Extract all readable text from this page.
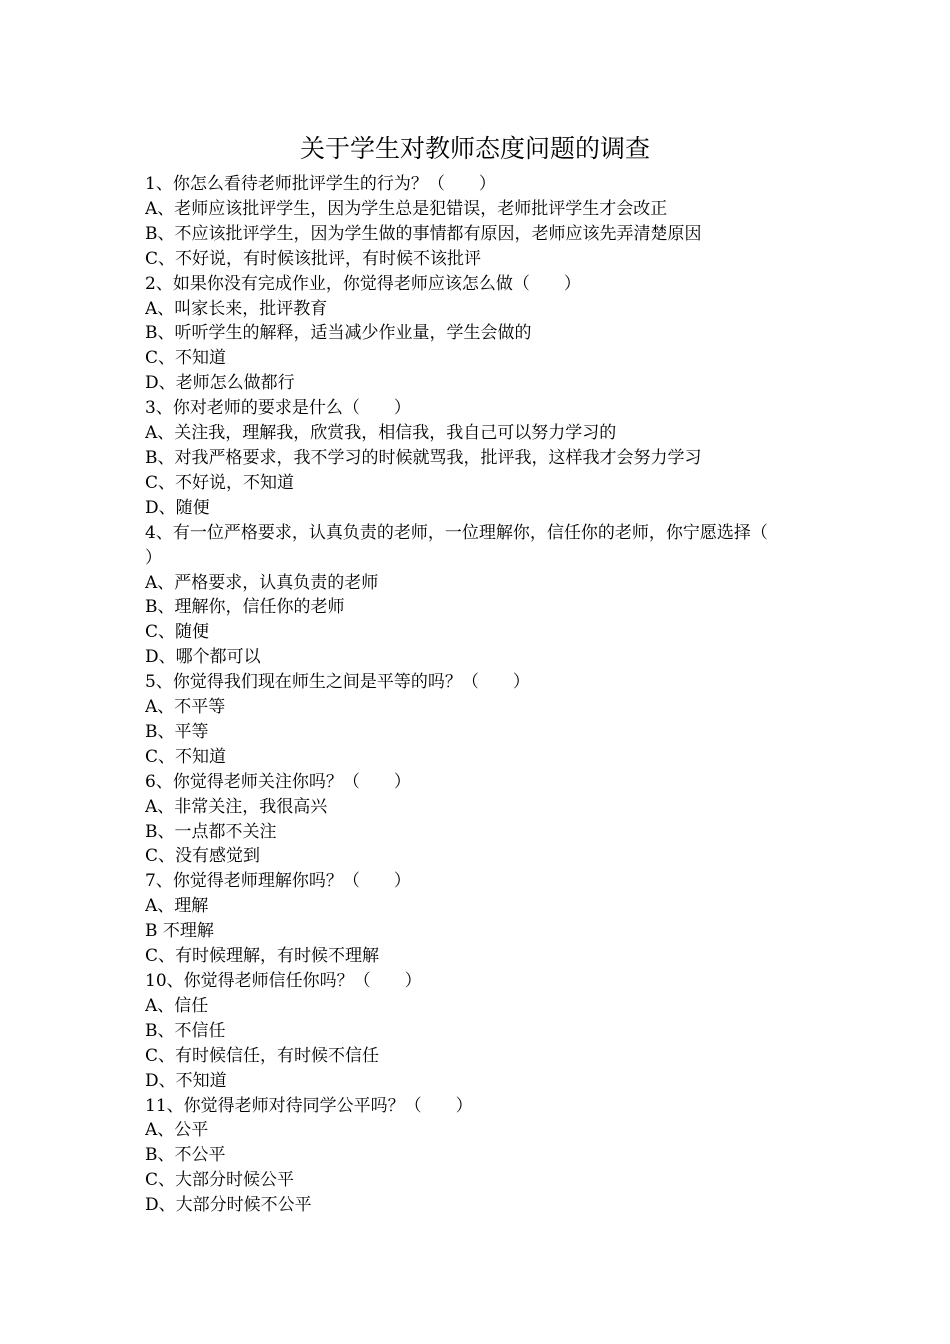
关于学生对教师态度问题的调查
1、你怎么看待老师批评学生的行为？（　　）
A、老师应该批评学生，因为学生总是犯错误，老师批评学生才会改正
B、不应该批评学生，因为学生做的事情都有原因，老师应该先弄清楚原因
C、不好说，有时候该批评，有时候不该批评
2、如果你没有完成作业，你觉得老师应该怎么做（　　）
A、叫家长来，批评教育
B、听听学生的解释，适当减少作业量，学生会做的
C、不知道
D、老师怎么做都行
3、你对老师的要求是什么（　　）
A、关注我，理解我，欣赏我，相信我，我自己可以努力学习的
B、对我严格要求，我不学习的时候就骂我，批评我，这样我才会努力学习
C、不好说，不知道
D、随便
4、有一位严格要求，认真负责的老师，一位理解你，信任你的老师，你宁愿选择（
）
A、严格要求，认真负责的老师
B、理解你，信任你的老师
C、随便
D、哪个都可以
5、你觉得我们现在师生之间是平等的吗？（　　）
A、不平等
B、平等
C、不知道
6、你觉得老师关注你吗？（　　）
A、非常关注，我很高兴
B、一点都不关注
C、没有感觉到
7、你觉得老师理解你吗？（　　）
A、理解
B 不理解
C、有时候理解，有时候不理解
10、你觉得老师信任你吗？（　　）
A、信任
B、不信任
C、有时候信任，有时候不信任
D、不知道
11、你觉得老师对待同学公平吗？（　　）
A、公平
B、不公平
C、大部分时候公平
D、大部分时候不公平
